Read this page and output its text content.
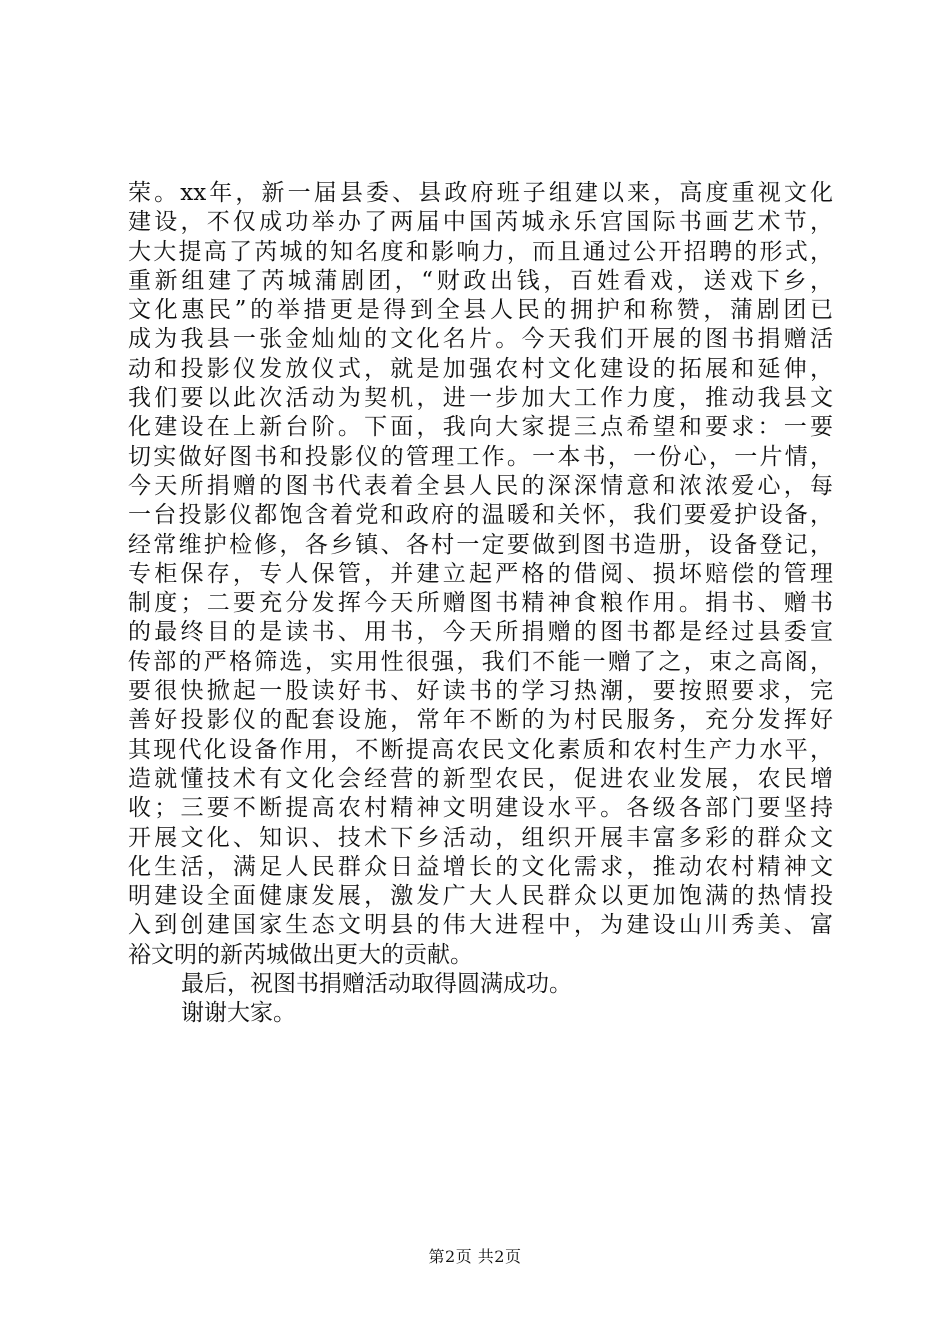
荣。xx年，新一届县委、县政府班子组建以来，高度重视文化
建设，不仅成功举办了两届中国芮城永乐宫国际书画艺术节，
大大提高了芮城的知名度和影响力，而且通过公开招聘的形式，
重新组建了芮城蒲剧团，“财政出钱，百姓看戏，送戏下乡，
文化惠民”的举措更是得到全县人民的拥护和称赞，蒲剧团已
成为我县一张金灿灿的文化名片。今天我们开展的图书捐赠活
动和投影仪发放仪式，就是加强农村文化建设的拓展和延伸，
我们要以此次活动为契机，进一步加大工作力度，推动我县文
化建设在上新台阶。下面，我向大家提三点希望和要求：一要
切实做好图书和投影仪的管理工作。一本书，一份心，一片情，
今天所捐赠的图书代表着全县人民的深深情意和浓浓爱心，每
一台投影仪都饱含着党和政府的温暖和关怀，我们要爱护设备，
经常维护检修，各乡镇、各村一定要做到图书造册，设备登记，
专柜保存，专人保管，并建立起严格的借阅、损坏赔偿的管理
制度；二要充分发挥今天所赠图书精神食粮作用。捐书、赠书
的最终目的是读书、用书，今天所捐赠的图书都是经过县委宣
传部的严格筛选，实用性很强，我们不能一赠了之，束之高阁，
要很快掀起一股读好书、好读书的学习热潮，要按照要求，完
善好投影仪的配套设施，常年不断的为村民服务，充分发挥好
其现代化设备作用，不断提高农民文化素质和农村生产力水平，
造就懂技术有文化会经营的新型农民，促进农业发展，农民增
收；三要不断提高农村精神文明建设水平。各级各部门要坚持
开展文化、知识、技术下乡活动，组织开展丰富多彩的群众文
化生活，满足人民群众日益增长的文化需求，推动农村精神文
明建设全面健康发展，激发广大人民群众以更加饱满的热情投
入到创建国家生态文明县的伟大进程中，为建设山川秀美、富
裕文明的新芮城做出更大的贡献。
最后，祝图书捐赠活动取得圆满成功。
谢谢大家。
第2页 共2页
